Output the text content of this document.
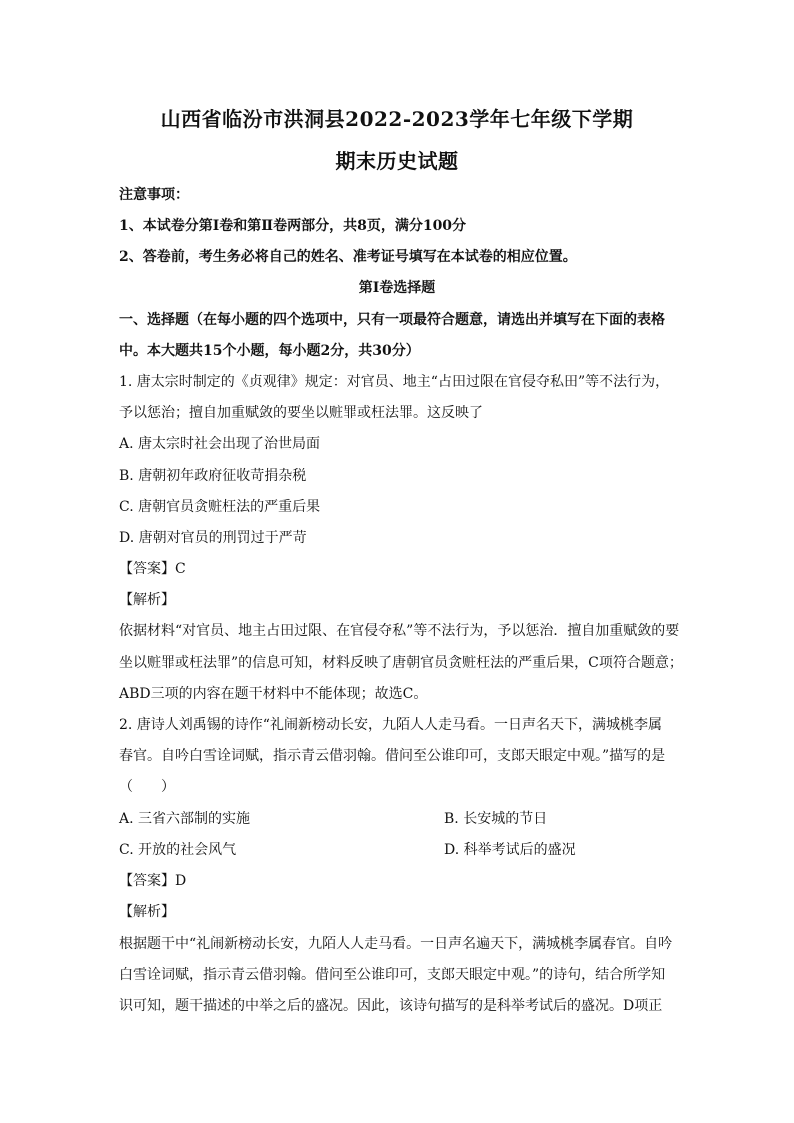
山西省临汾市洪洞县2022-2023学年七年级下学期
期末历史试题
注意事项：
1、本试卷分第Ⅰ卷和第Ⅱ卷两部分，共8页，满分100分
2、答卷前，考生务必将自己的姓名、准考证号填写在本试卷的相应位置。
第Ⅰ卷选择题
一、选择题（在每小题的四个选项中，只有一项最符合题意，请选出并填写在下面的表格
中。本大题共15个小题，每小题2分，共30分）
1. 唐太宗时制定的《贞观律》规定：对官员、地主“占田过限在官侵夺私田”等不法行为，
予以惩治；擅自加重赋敛的要坐以赃罪或枉法罪。这反映了
A. 唐太宗时社会出现了治世局面
B. 唐朝初年政府征收苛捐杂税
C. 唐朝官员贪赃枉法的严重后果
D. 唐朝对官员的刑罚过于严苛
【答案】C
【解析】
依据材料“对官员、地主占田过限、在官侵夺私”等不法行为，予以惩治．擅自加重赋敛的要
坐以赃罪或枉法罪”的信息可知，材料反映了唐朝官员贪赃枉法的严重后果，C项符合题意；
ABD三项的内容在题干材料中不能体现；故选C。
2. 唐诗人刘禹锡的诗作“礼闹新榜动长安，九陌人人走马看。一日声名天下，满城桃李属
春官。自吟白雪诠词赋，指示青云借羽翰。借问至公谁印可，支郎天眼定中观。”描写的是
（　　）
A. 三省六部制的实施	B. 长安城的节日
C. 开放的社会风气	D. 科举考试后的盛况
【答案】D
【解析】
根据题干中“礼闹新榜动长安，九陌人人走马看。一日声名遍天下，满城桃李属春官。自吟
白雪诠词赋，指示青云借羽翰。借问至公谁印可，支郎天眼定中观。”的诗句，结合所学知
识可知，题干描述的中举之后的盛况。因此，该诗句描写的是科举考试后的盛况。D项正
